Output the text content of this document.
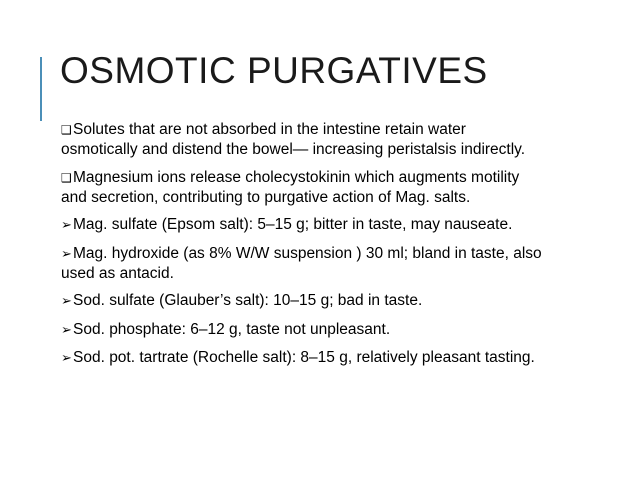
OSMOTIC PURGATIVES
❑Solutes that are not absorbed in the intestine retain water
osmotically and distend the bowel— increasing peristalsis indirectly.
❑Magnesium ions release cholecystokinin which augments motility
and secretion, contributing to purgative action of Mag. salts.
➢Mag. sulfate (Epsom salt): 5–15 g; bitter in taste, may nauseate.
➢Mag. hydroxide (as 8% W/W suspension ) 30 ml; bland in taste, also
used as antacid.
➢Sod. sulfate (Glauber’s salt): 10–15 g; bad in taste.
➢Sod. phosphate: 6–12 g, taste not unpleasant.
➢Sod. pot. tartrate (Rochelle salt): 8–15 g, relatively pleasant tasting.
